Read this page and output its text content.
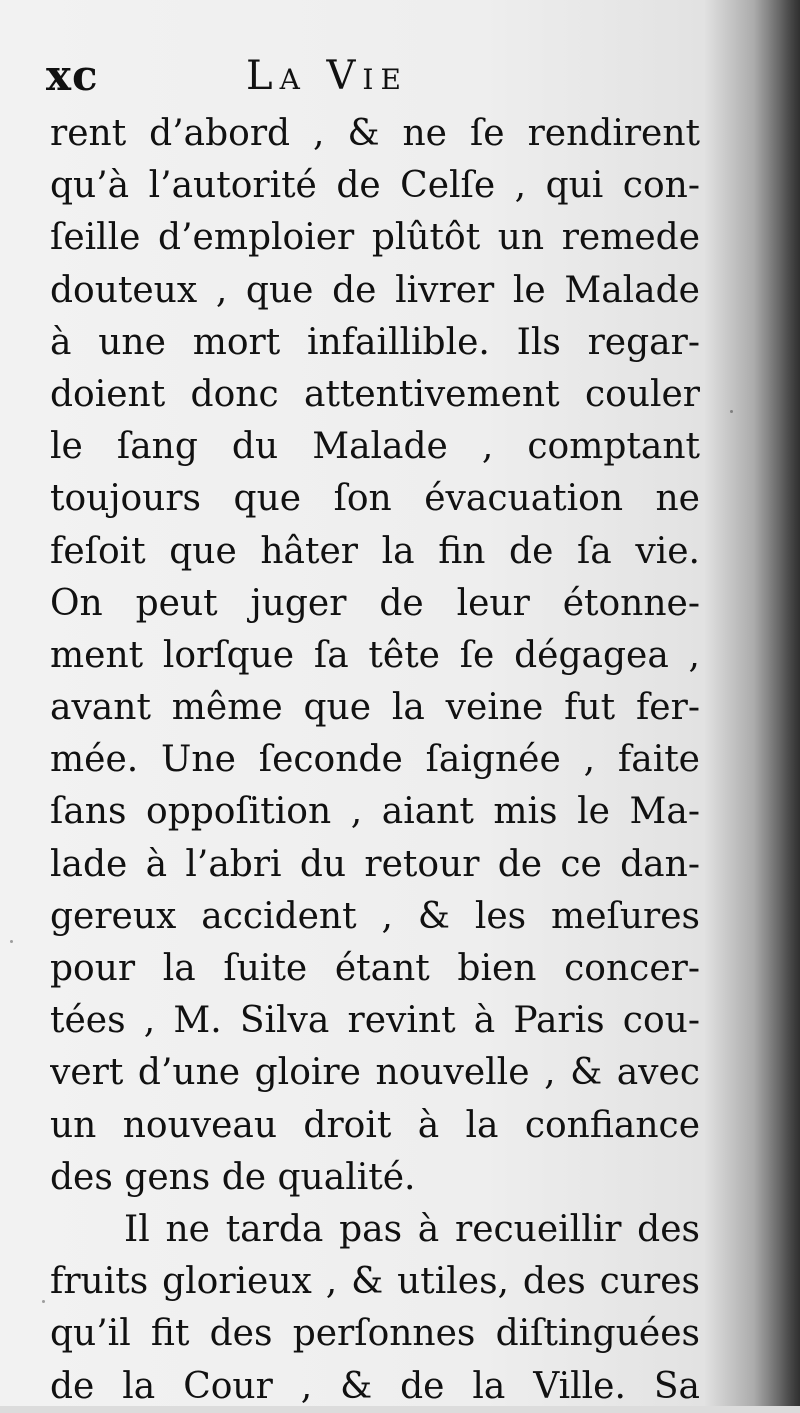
xc	La Vie
rent d’abord , & ne ſe rendirent
qu’à l’autorité de Celſe , qui con-
ſeille d’emploier plûtôt un remede
douteux , que de livrer le Malade
à une mort infaillible. Ils regar-
doient donc attentivement couler
le ſang du Malade , comptant
toujours que ſon évacuation ne
feſoit que hâter la fin de ſa vie.
On peut juger de leur étonne-
ment lorſque ſa tête ſe dégagea ,
avant même que la veine fut fer-
mée. Une ſeconde ſaignée , faite
ſans oppoſition , aiant mis le Ma-
lade à l’abri du retour de ce dan-
gereux accident , & les meſures
pour la ſuite étant bien concer-
tées , M. Silva revint à Paris cou-
vert d’une gloire nouvelle , & avec
un nouveau droit à la confiance
des gens de qualité.
Il ne tarda pas à recueillir des
fruits glorieux , & utiles, des cures
qu’il fit des perſonnes diſtinguées
de la Cour , & de la Ville. Sa
